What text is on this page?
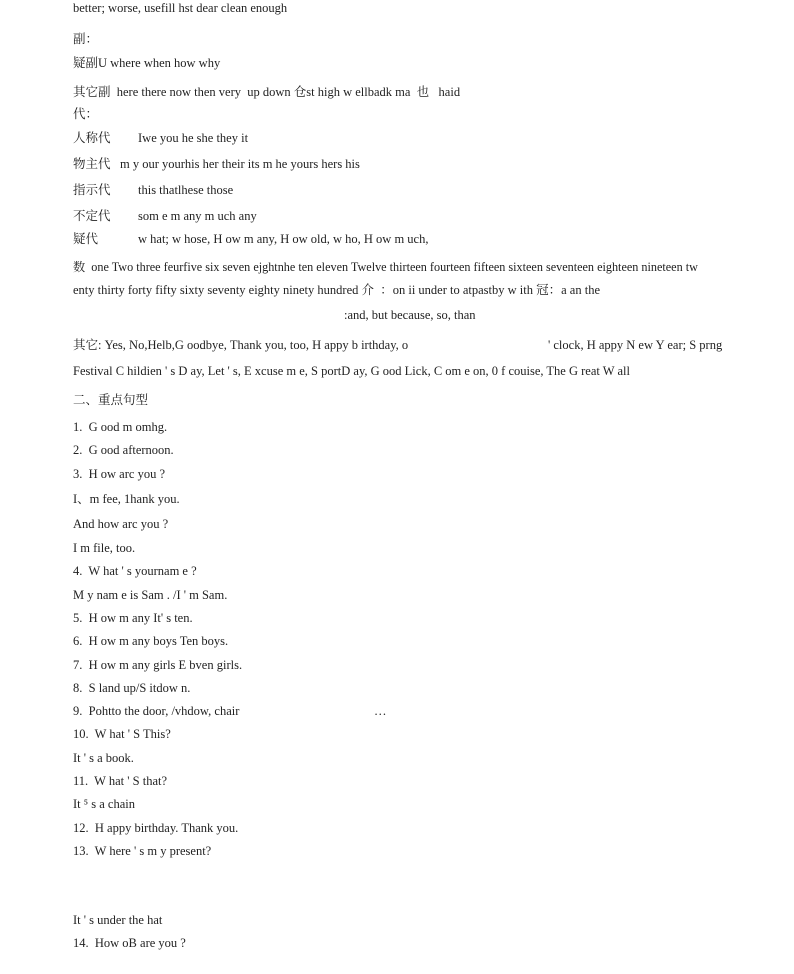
better; worse, usefill hst dear clean enough
副：
疑副U where when how why
其它副  here there now then very  up down 仓st high w ellbadk ma  也   haid
代：
人称代 Iwe you he she they it
物主代 m y our yourhis her their its m he yours hers his
指示代 this thatlhese those
不定代 som e m any m uch any
疑代	w hat; w hose, H ow m any, H ow old, w ho, H ow m uch,
数  one Two three feurfive six seven ejghtnhe ten eleven Twelve thirteen fourteen fifteen sixteen seventeen eighteen nineteen tw
enty thirty forty fifty sixty seventy eighty ninety hundred 介  ：on ii under to atpastby w ith 冠：a an the
:and, but because, so, than
其它: Yes, No,Helb,G oodbye, Thank you, too, H appy b irthday, o	' clock, H appy N ew Y ear; S prng
Festival C hildien ' s D ay, Let ' s, E xcuse m e, S portD ay, G ood Lick, C om e on, 0 f couise, The G reat W all
二、重点句型
1.  G ood m omhg.
2.  G ood afternoon.
3.  H ow arc you ?
I、m fee, 1hank you.
And how arc you ?
I m file, too.
4.  W hat ' s yournam e ?
M y nam e is Sam . /I ' m Sam.
5.  H ow m any It' s ten.
6.  H ow m any boys Ten boys.
7.  H ow m any girls E bven girls.
8.  S land up/S itdow n.
9.  Pohtto the door, /vhdow, chair	…
10.  W hat ' S This?
It ' s a book.
11.  W hat ' S that?
It ⁵ s a chain
12.  H appy birthday. Thank you.
13.  W here ' s m y present?
It ' s under the hat
14.  How oB are you ?
